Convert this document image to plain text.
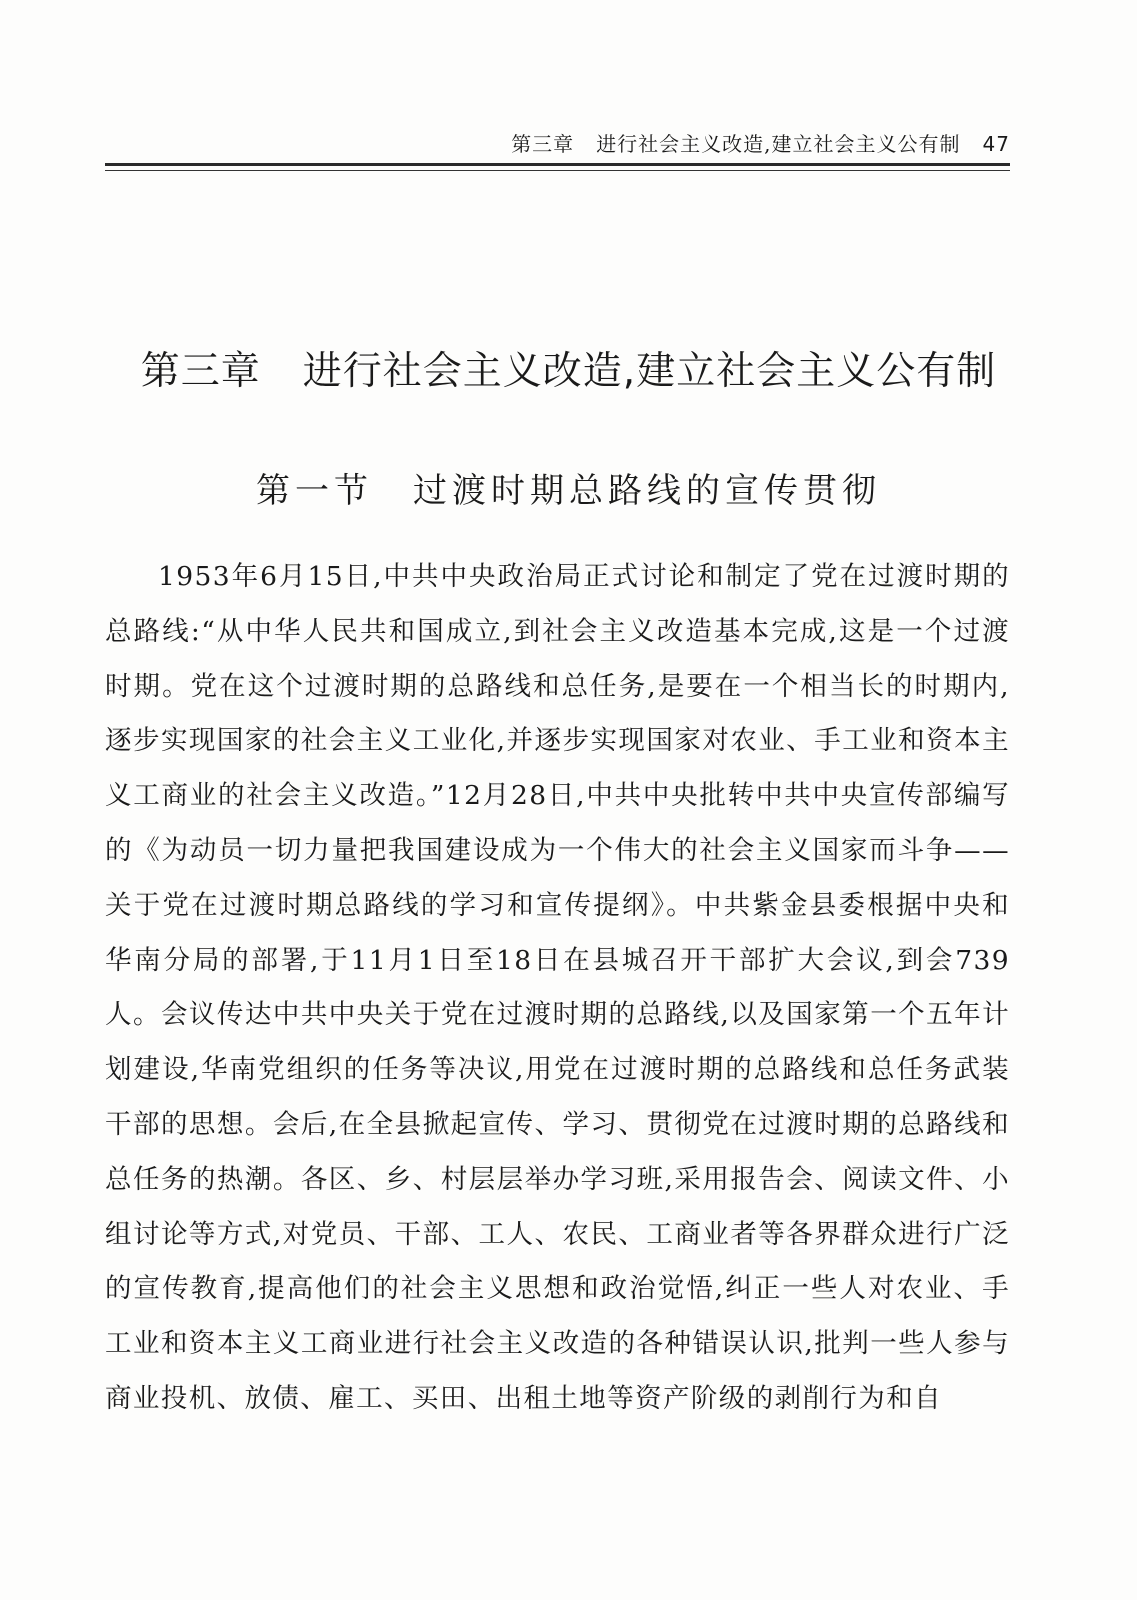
第三章 进行社会主义改造,建立社会主义公有制 47
第三章 进行社会主义改造,建立社会主义公有制
第一节 过渡时期总路线的宣传贯彻

1953年6月15日,中共中央政治局正式讨论和制定了党在过渡时期的总路线:“从中华人民共和国成立,到社会主义改造基本完成,这是一个过渡时期。党在这个过渡时期的总路线和总任务,是要在一个相当长的时期内,逐步实现国家的社会主义工业化,并逐步实现国家对农业、手工业和资本主义工商业的社会主义改造。”12月28日,中共中央批转中共中央宣传部编写的《为动员一切力量把我国建设成为一个伟大的社会主义国家而斗争——关于党在过渡时期总路线的学习和宣传提纲》。中共紫金县委根据中央和华南分局的部署,于11月1日至18日在县城召开干部扩大会议,到会739人。会议传达中共中央关于党在过渡时期的总路线,以及国家第一个五年计划建设,华南党组织的任务等决议,用党在过渡时期的总路线和总任务武装干部的思想。会后,在全县掀起宣传、学习、贯彻党在过渡时期的总路线和总任务的热潮。各区、乡、村层层举办学习班,采用报告会、阅读文件、小组讨论等方式,对党员、干部、工人、农民、工商业者等各界群众进行广泛的宣传教育,提高他们的社会主义思想和政治觉悟,纠正一些人对农业、手工业和资本主义工商业进行社会主义改造的各种错误认识,批判一些人参与商业投机、放债、雇工、买田、出租土地等资产阶级的剥削行为和自
